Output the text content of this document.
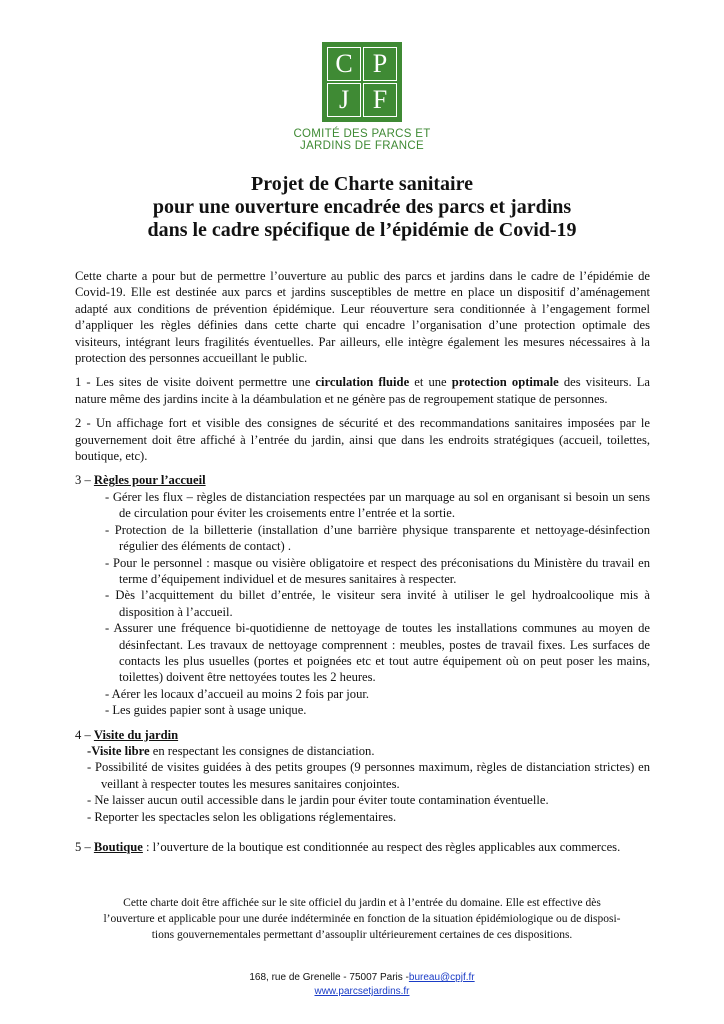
C P
J F
COMITÉ DES PARCS ET
JARDINS DE FRANCE
Projet de Charte sanitaire
pour une ouverture encadrée des parcs et jardins
dans le cadre spécifique de l’épidémie de Covid-19

Cette charte a pour but de permettre l’ouverture au public des parcs et jardins dans le cadre de l’épidémie de Covid-19. Elle est destinée aux parcs et jardins susceptibles de mettre en place un dispositif d’aménagement adapté aux conditions de prévention épidémique. Leur réouverture sera conditionnée à l’engagement formel d’appliquer les règles définies dans cette charte qui encadre l’organisation d’une protection optimale des visiteurs, intégrant leurs fragilités éventuelles. Par ailleurs, elle intègre également les mesures nécessaires à la protection des personnes accueillant le public.

1 - Les sites de visite doivent permettre une circulation fluide et une protection optimale des visiteurs. La nature même des jardins incite à la déambulation et ne génère pas de regroupement statique de personnes.

2 - Un affichage fort et visible des consignes de sécurité et des recommandations sanitaires imposées par le gouvernement doit être affiché à l’entrée du jardin, ainsi que dans les endroits stratégiques (accueil, toilettes, boutique, etc).

3 – Règles pour l’accueil

- Gérer les flux – règles de distanciation respectées par un marquage au sol en organisant si besoin un sens de circulation pour éviter les croisements entre l’entrée et la sortie.
- Protection de la billetterie (installation d’une barrière physique transparente et nettoyage-désinfection régulier des éléments de contact) .
- Pour le personnel : masque ou visière obligatoire et respect des préconisations du Ministère du travail en terme d’équipement individuel et de mesures sanitaires à respecter.
- Dès l’acquittement du billet d’entrée, le visiteur sera invité à utiliser le gel hydroalcoolique mis à disposition à l’accueil.
- Assurer une fréquence bi-quotidienne de nettoyage de toutes les installations communes au moyen de désinfectant. Les travaux de nettoyage comprennent : meubles, postes de travail fixes. Les surfaces de contacts les plus usuelles (portes et poignées etc et tout autre équipement où on peut poser les mains, toilettes) doivent être nettoyées toutes les 2 heures.
- Aérer les locaux d’accueil au moins 2 fois par jour.
- Les guides papier sont à usage unique.

4 – Visite du jardin

-Visite libre en respectant les consignes de distanciation.
- Possibilité de visites guidées à des petits groupes (9 personnes maximum, règles de distanciation strictes) en veillant à respecter toutes les mesures sanitaires conjointes.
- Ne laisser aucun outil accessible dans le jardin pour éviter toute contamination éventuelle.
- Reporter les spectacles selon les obligations réglementaires.

5 – Boutique : l’ouverture de la boutique est conditionnée au respect des règles applicables aux commerces.

Cette charte doit être affichée sur le site officiel du jardin et à l’entrée du domaine. Elle est effective dès
l’ouverture et applicable pour une durée indéterminée en fonction de la situation épidémiologique ou de disposi-
tions gouvernementales permettant d’assouplir ultérieurement certaines de ces dispositions.
168, rue de Grenelle - 75007 Paris -bureau@cpjf.fr
www.parcsetjardins.fr
